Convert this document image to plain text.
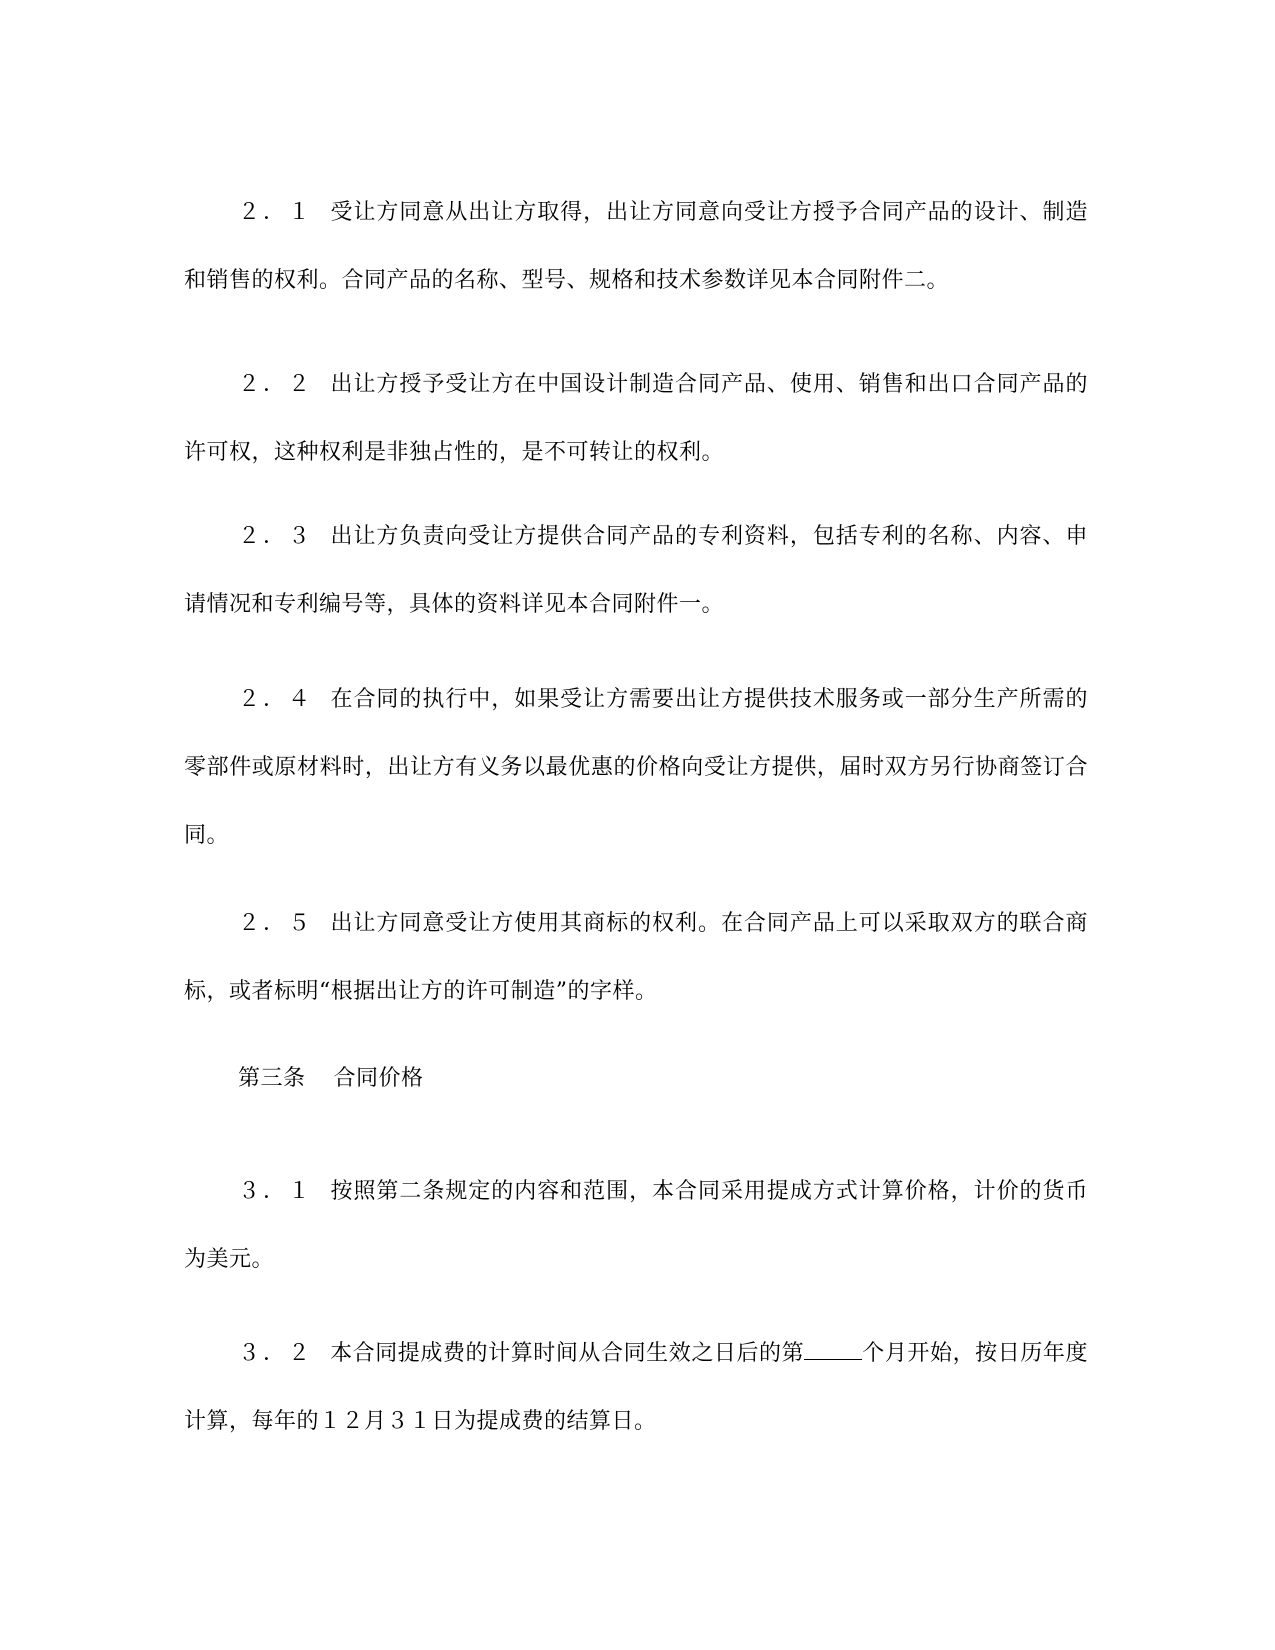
２．１ 受让方同意从出让方取得，出让方同意向受让方授予合同产品的设计、制造和销售的权利。合同产品的名称、型号、规格和技术参数详见本合同附件二。

２．２ 出让方授予受让方在中国设计制造合同产品、使用、销售和出口合同产品的许可权，这种权利是非独占性的，是不可转让的权利。

２．３ 出让方负责向受让方提供合同产品的专利资料，包括专利的名称、内容、申请情况和专利编号等，具体的资料详见本合同附件一。

２．４ 在合同的执行中，如果受让方需要出让方提供技术服务或一部分生产所需的零部件或原材料时，出让方有义务以最优惠的价格向受让方提供，届时双方另行协商签订合同。

２．５ 出让方同意受让方使用其商标的权利。在合同产品上可以采取双方的联合商标，或者标明“根据出让方的许可制造”的字样。

第三条 合同价格

３．１ 按照第二条规定的内容和范围，本合同采用提成方式计算价格，计价的货币为美元。

３．２ 本合同提成费的计算时间从合同生效之日后的第	个月开始，按日历年度计算，每年的１２月３１日为提成费的结算日。
